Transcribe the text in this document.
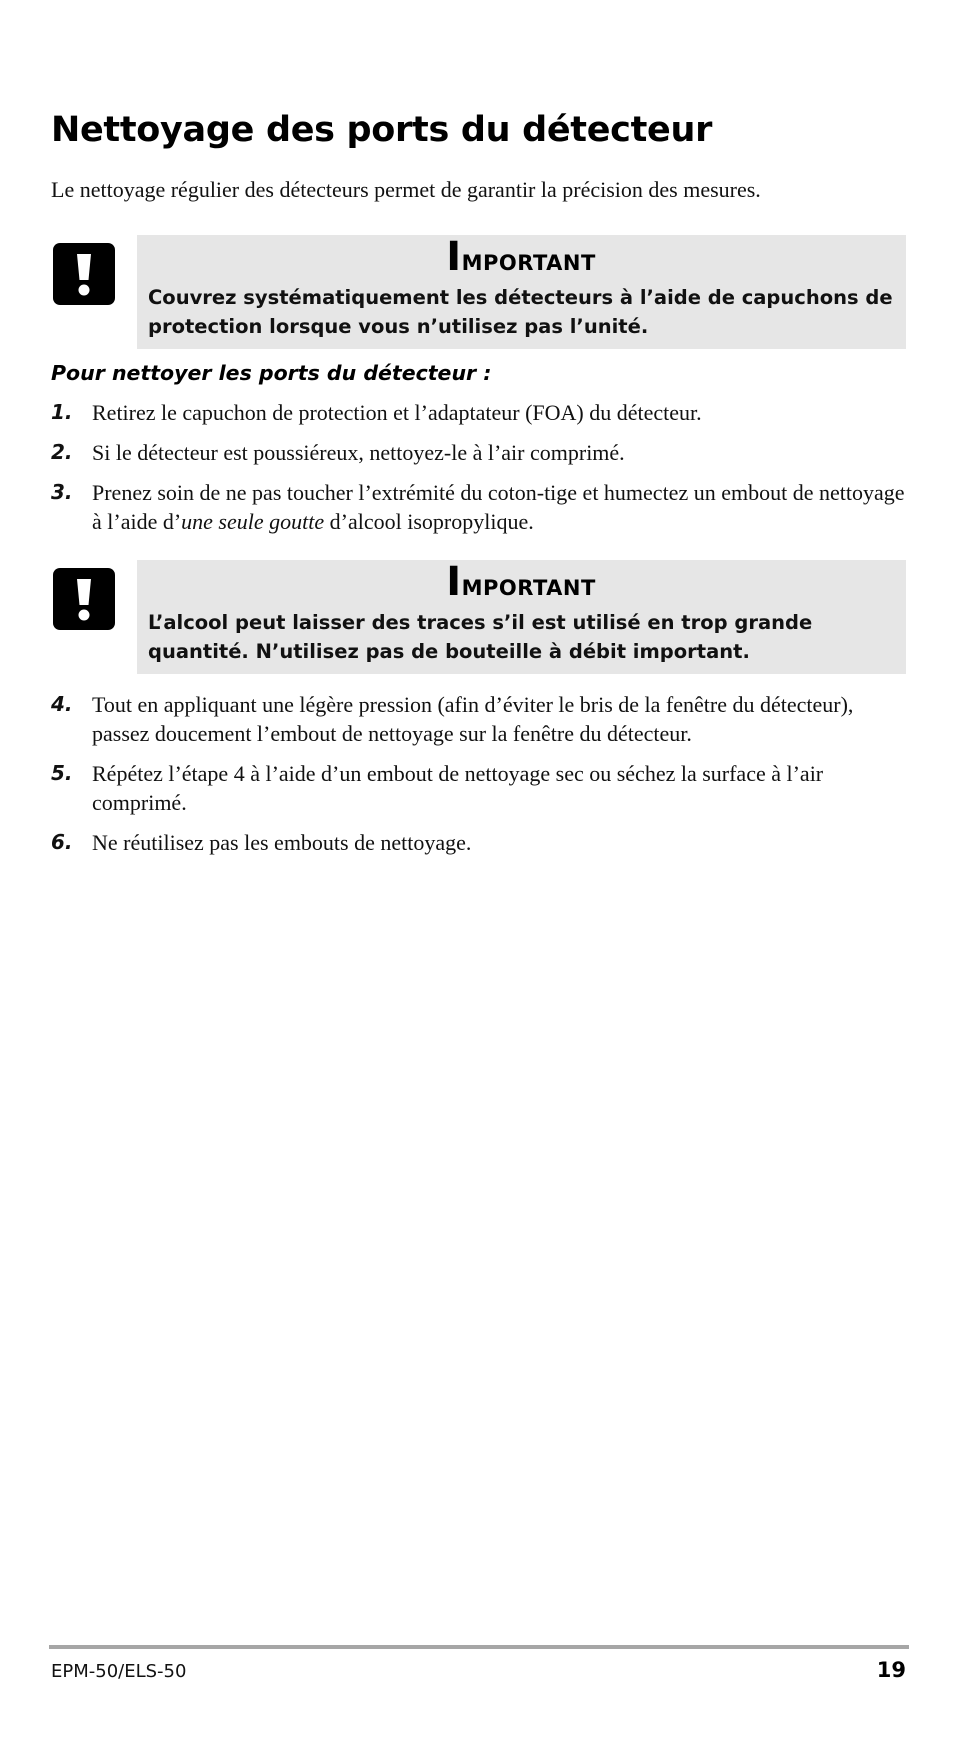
Nettoyage des ports du détecteur

Le nettoyage régulier des détecteurs permet de garantir la précision des mesures.

Important
Couvrez systématiquement les détecteurs à l’aide de capuchons de protection lorsque vous n’utilisez pas l’unité.
Pour nettoyer les ports du détecteur :
1. Retirez le capuchon de protection et l’adaptateur (FOA) du détecteur.
2. Si le détecteur est poussiéreux, nettoyez-le à l’air comprimé.
3. Prenez soin de ne pas toucher l’extrémité du coton-tige et humectez un embout de nettoyage à l’aide d’une seule goutte d’alcool isopropylique.
Important
L’alcool peut laisser des traces s’il est utilisé en trop grande quantité. N’utilisez pas de bouteille à débit important.
4. Tout en appliquant une légère pression (afin d’éviter le bris de la fenêtre du détecteur), passez doucement l’embout de nettoyage sur la fenêtre du détecteur.
5. Répétez l’étape 4 à l’aide d’un embout de nettoyage sec ou séchez la surface à l’air comprimé.
6. Ne réutilisez pas les embouts de nettoyage.
EPM-50/ELS-50	19
